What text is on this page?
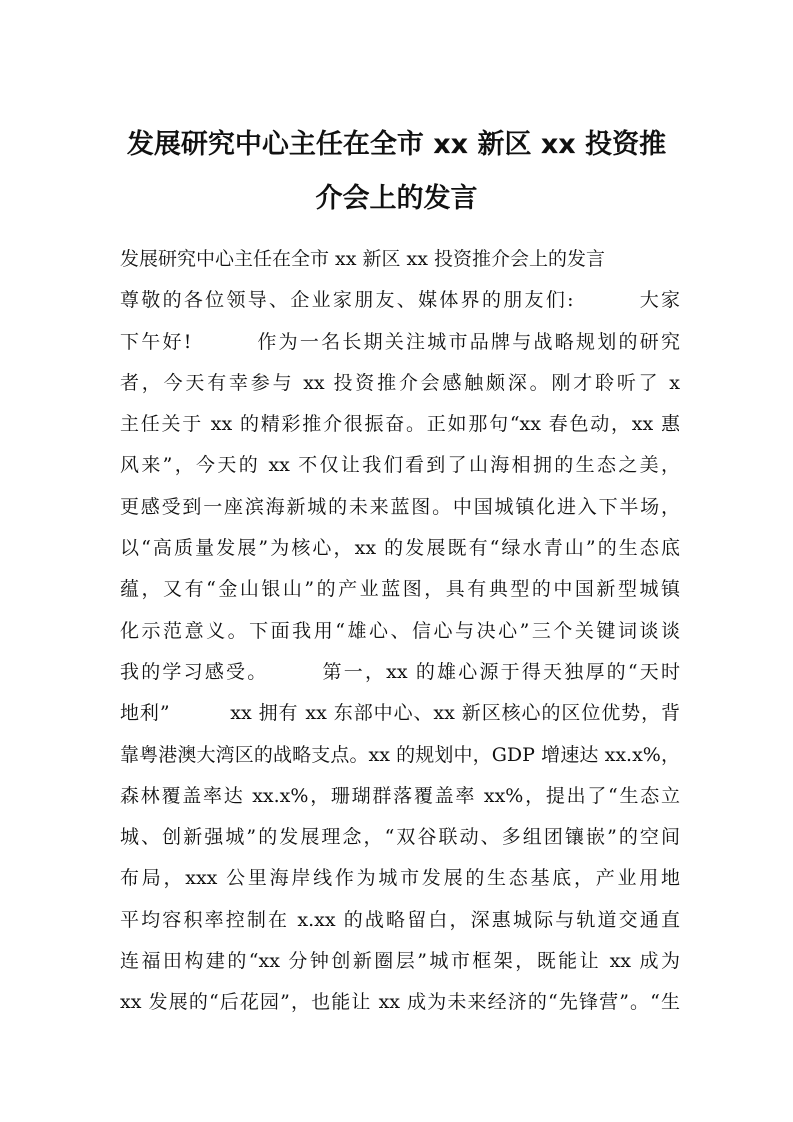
发展研究中心主任在全市 xx 新区 xx 投资推
介会上的发言
发展研究中心主任在全市 xx 新区 xx 投资推介会上的发言
尊敬的各位领导、企业家朋友、媒体界的朋友们:　　　大家
下午好!　　　作为一名长期关注城市品牌与战略规划的研究
者，今天有幸参与 xx 投资推介会感触颇深。刚才聆听了 x
主任关于 xx 的精彩推介很振奋。正如那句“xx 春色动，xx 惠
风来”，今天的 xx 不仅让我们看到了山海相拥的生态之美，
更感受到一座滨海新城的未来蓝图。中国城镇化进入下半场，
以“高质量发展”为核心，xx 的发展既有“绿水青山”的生态底
蕴，又有“金山银山”的产业蓝图，具有典型的中国新型城镇
化示范意义。下面我用“雄心、信心与决心”三个关键词谈谈
我的学习感受。　　　第一，xx 的雄心源于得天独厚的“天时
地利”　　　xx 拥有 xx 东部中心、xx 新区核心的区位优势，背
靠粤港澳大湾区的战略支点。xx 的规划中，GDP 增速达 xx.x%，
森林覆盖率达 xx.x%，珊瑚群落覆盖率 xx%，提出了“生态立
城、创新强城”的发展理念，“双谷联动、多组团镶嵌”的空间
布局，xxx 公里海岸线作为城市发展的生态基底，产业用地
平均容积率控制在 x.xx 的战略留白，深惠城际与轨道交通直
连福田构建的“xx 分钟创新圈层”城市框架，既能让 xx 成为
xx 发展的“后花园”，也能让 xx 成为未来经济的“先锋营”。“生
